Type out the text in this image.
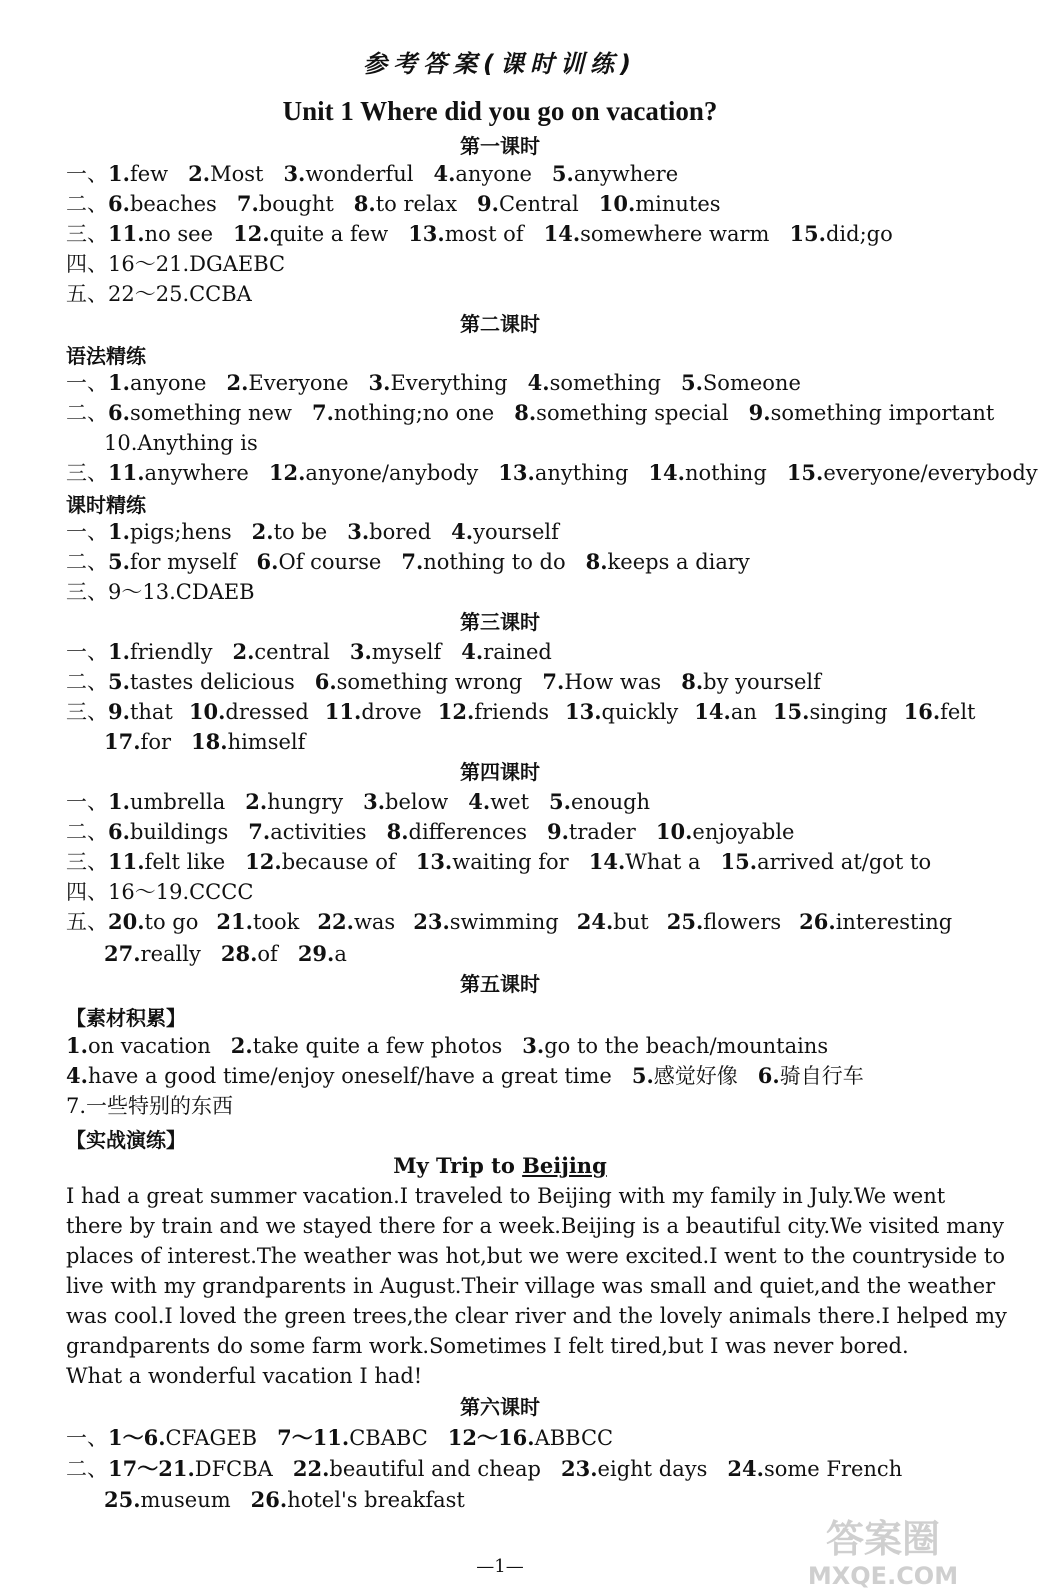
参考答案(课时训练)
Unit 1 Where did you go on vacation?
第一课时
一、1.few 2.Most 3.wonderful 4.anyone 5.anywhere
二、6.beaches 7.bought 8.to relax 9.Central 10.minutes
三、11.no see 12.quite a few 13.most of 14.somewhere warm 15.did;go
四、16～21.DGAEBC
五、22～25.CCBA
第二课时
语法精练
一、1.anyone 2.Everyone 3.Everything 4.something 5.Someone
二、6.something new 7.nothing;no one 8.something special 9.something important
10.Anything is
三、11.anywhere 12.anyone/anybody 13.anything 14.nothing 15.everyone/everybody
课时精练
一、1.pigs;hens 2.to be 3.bored 4.yourself
二、5.for myself 6.Of course 7.nothing to do 8.keeps a diary
三、9～13.CDAEB
第三课时
一、1.friendly 2.central 3.myself 4.rained
二、5.tastes delicious 6.something wrong 7.How was 8.by yourself
三、9.that 10.dressed 11.drove 12.friends 13.quickly 14.an 15.singing 16.felt
17.for 18.himself
第四课时
一、1.umbrella 2.hungry 3.below 4.wet 5.enough
二、6.buildings 7.activities 8.differences 9.trader 10.enjoyable
三、11.felt like 12.because of 13.waiting for 14.What a 15.arrived at/got to
四、16～19.CCCC
五、20.to go 21.took 22.was 23.swimming 24.but 25.flowers 26.interesting
27.really 28.of 29.a
第五课时
【素材积累】
1.on vacation 2.take quite a few photos 3.go to the beach/mountains
4.have a good time/enjoy oneself/have a great time 5.感觉好像 6.骑自行车
7.一些特别的东西
【实战演练】
My Trip to Beijing

I had a great summer vacation.I traveled to Beijing with my family in July.We went

there by train and we stayed there for a week.Beijing is a beautiful city.We visited many

places of interest.The weather was hot,but we were excited.I went to the countryside to

live with my grandparents in August.Their village was small and quiet,and the weather

was cool.I loved the green trees,the clear river and the lovely animals there.I helped my

grandparents do some farm work.Sometimes I felt tired,but I was never bored.

What a wonderful vacation I had!

第六课时
一、1～6.CFAGEB 7～11.CBABC 12～16.ABBCC
二、17～21.DFCBA 22.beautiful and cheap 23.eight days 24.some French
25.museum 26.hotel's breakfast
—1—
答案圈
MXQE.COM
